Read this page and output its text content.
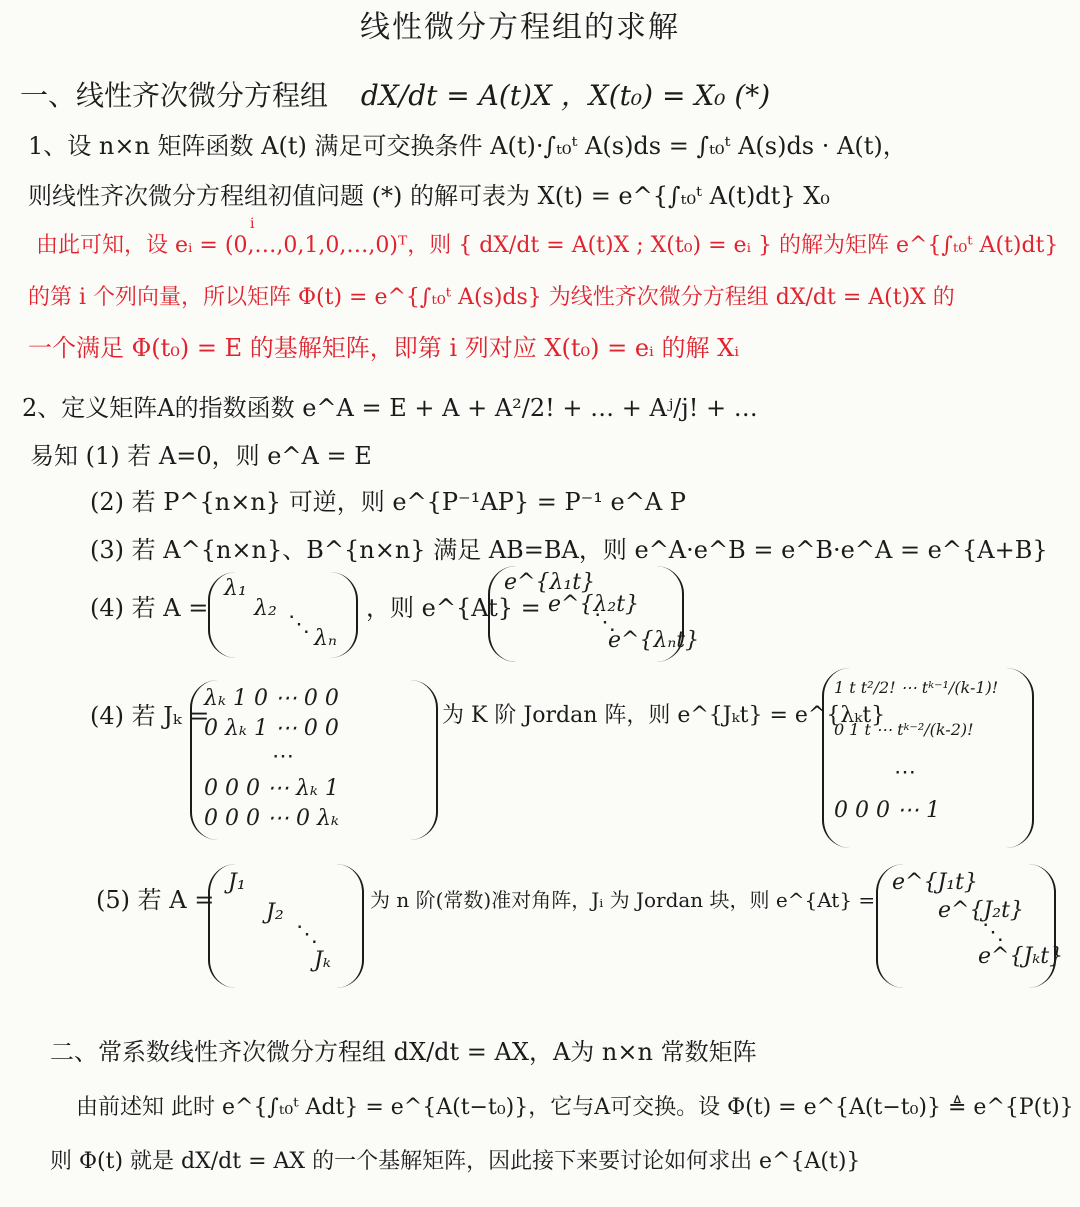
线性微分方程组的求解
一、线性齐次微分方程组 dX/dt = A(t)X ，X(t₀) = X₀ (*)
1、设 n×n 矩阵函数 A(t) 满足可交换条件 A(t)·∫ₜ₀ᵗ A(s)ds = ∫ₜ₀ᵗ A(s)ds · A(t)，
则线性齐次微分方程组初值问题 (*) 的解可表为 X(t) = e^{∫ₜ₀ᵗ A(t)dt} X₀
i
由此可知，设 eᵢ = (0,…,0,1,0,…,0)ᵀ，则 { dX/dt = A(t)X ; X(t₀) = eᵢ } 的解为矩阵 e^{∫ₜ₀ᵗ A(t)dt}
的第 i 个列向量，所以矩阵 Φ(t) = e^{∫ₜ₀ᵗ A(s)ds} 为线性齐次微分方程组 dX/dt = A(t)X 的
一个满足 Φ(t₀) = E 的基解矩阵，即第 i 列对应 X(t₀) = eᵢ 的解 Xᵢ
2、定义矩阵A的指数函数 e^A = E + A + A²/2! + … + Aʲ/j! + …
易知 (1) 若 A=0，则 e^A = E
(2) 若 P^{n×n} 可逆，则 e^{P⁻¹AP} = P⁻¹ e^A P
(3) 若 A^{n×n}、B^{n×n} 满足 AB=BA，则 e^A·e^B = e^B·e^A = e^{A+B}
(4) 若 A =
λ₁
λ₂
⋱
λₙ
，则 e^{At} =
e^{λ₁t}
e^{λ₂t}
⋱
e^{λₙt}
(4) 若 Jₖ =
λₖ 1 0 ⋯ 0 0
0 λₖ 1 ⋯ 0 0
⋯
0 0 0 ⋯ λₖ 1
0 0 0 ⋯ 0 λₖ
为 K 阶 Jordan 阵，则 e^{Jₖt} = e^{λₖt}
1 t t²/2! ⋯ tᵏ⁻¹/(k-1)!
0 1 t ⋯ tᵏ⁻²/(k-2)!
⋯
0 0 0 ⋯ 1
(5) 若 A =
J₁
J₂
⋱
Jₖ
为 n 阶(常数)准对角阵，Jᵢ 为 Jordan 块，则 e^{At} =
e^{J₁t}
e^{J₂t}
⋱
e^{Jₖt}
二、常系数线性齐次微分方程组 dX/dt = AX，A为 n×n 常数矩阵
由前述知 此时 e^{∫ₜ₀ᵗ Adt} = e^{A(t−t₀)}，它与A可交换。设 Φ(t) = e^{A(t−t₀)} ≜ e^{P(t)}
则 Φ(t) 就是 dX/dt = AX 的一个基解矩阵，因此接下来要讨论如何求出 e^{A(t)}
